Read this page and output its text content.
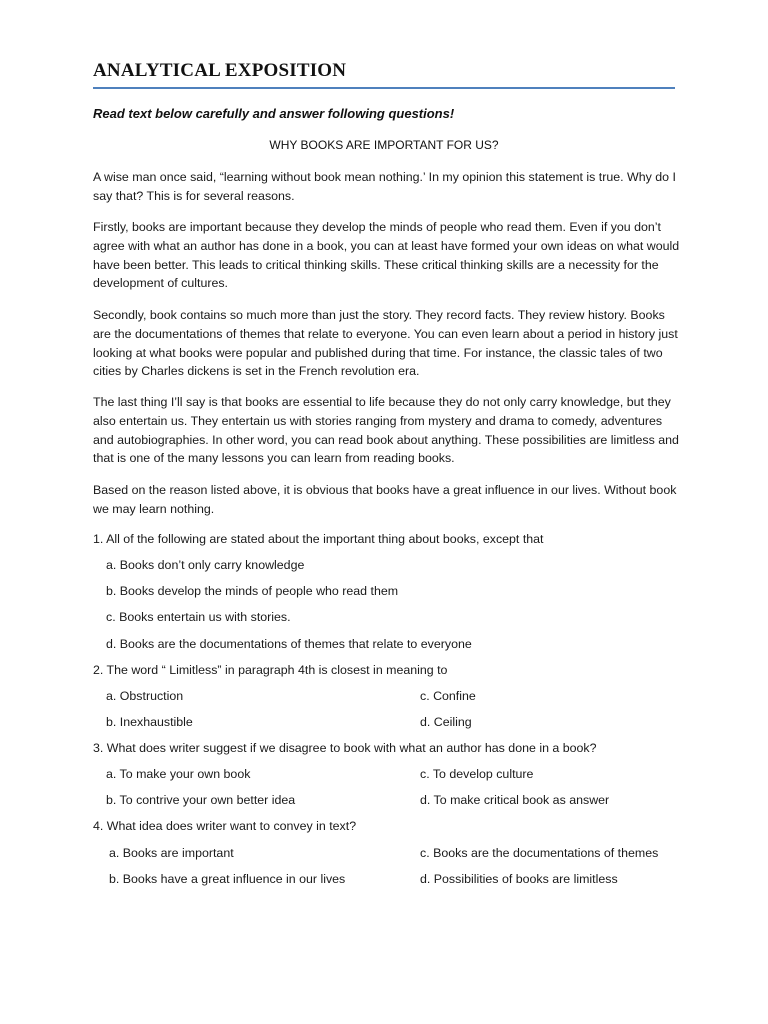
ANALYTICAL EXPOSITION
Read text below carefully and answer following questions!
WHY BOOKS ARE IMPORTANT FOR US?

A wise man once said, “learning without book mean nothing.’ In my opinion this statement is true. Why do I say that? This is for several reasons.

Firstly, books are important because they develop the minds of people who read them. Even if you don’t agree with what an author has done in a book, you can at least have formed your own ideas on what would have been better. This leads to critical thinking skills. These critical thinking skills are a necessity for the development of cultures.

Secondly, book contains so much more than just the story. They record facts. They review history. Books are the documentations of themes that relate to everyone. You can even learn about a period in history just looking at what books were popular and published during that time. For instance, the classic tales of two cities by Charles dickens is set in the French revolution era.

The last thing I’ll say is that books are essential to life because they do not only carry knowledge, but they also entertain us. They entertain us with stories ranging from mystery and drama to comedy, adventures and autobiographies. In other word, you can read book about anything. These possibilities are limitless and that is one of the many lessons you can learn from reading books.

Based on the reason listed above, it is obvious that books have a great influence in our lives. Without book we may learn nothing.

1. All of the following are stated about the important thing about books, except that
a. Books don’t only carry knowledge
b. Books develop the minds of people who read them
c. Books entertain us with stories.
d. Books are the documentations of themes that relate to everyone
2. The word “ Limitless” in paragraph 4th is closest in meaning to
a. Obstruction	c. Confine
b. Inexhaustible	d. Ceiling
3. What does writer suggest if we disagree to book with what an author has done in a book?
a. To make your own book	c. To develop culture
b. To contrive your own better idea	d. To make critical book as answer
4. What idea does writer want to convey in text?
a. Books are important	c. Books are the documentations of themes
b. Books have a great influence in our lives	d. Possibilities of books are limitless
